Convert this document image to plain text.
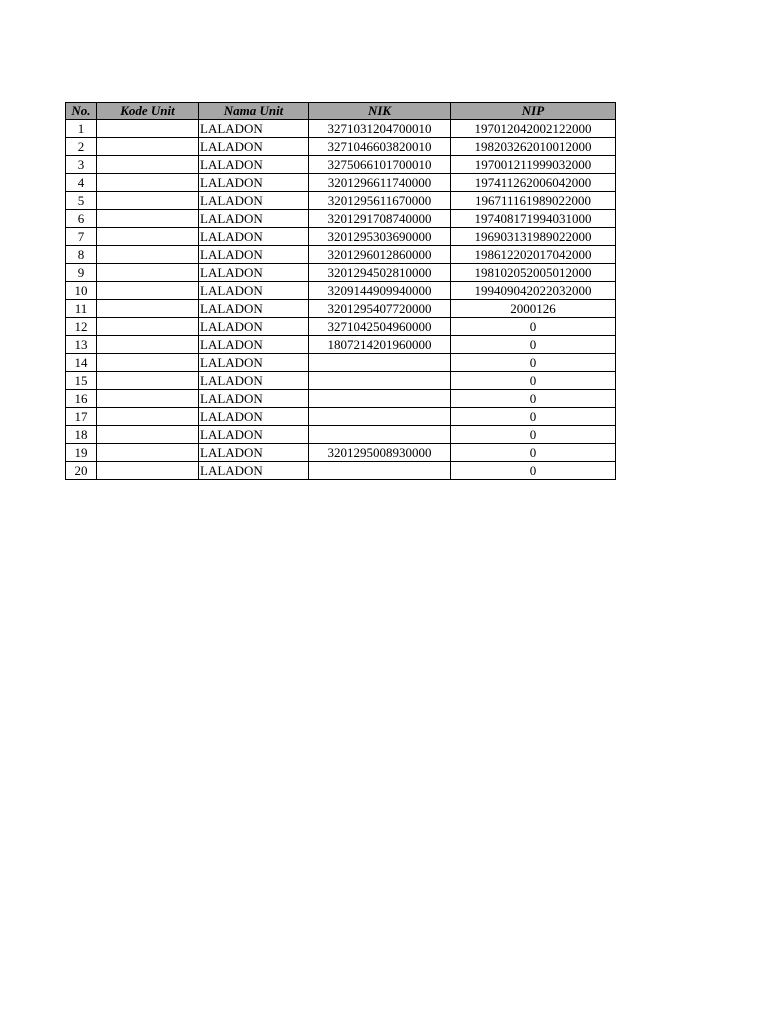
No.	Kode Unit	Nama Unit	NIK	NIP
1		LALADON	3271031204700010	197012042002122000
2		LALADON	3271046603820010	198203262010012000
3		LALADON	3275066101700010	197001211999032000
4		LALADON	3201296611740000	197411262006042000
5		LALADON	3201295611670000	196711161989022000
6		LALADON	3201291708740000	197408171994031000
7		LALADON	3201295303690000	196903131989022000
8		LALADON	3201296012860000	198612202017042000
9		LALADON	3201294502810000	198102052005012000
10		LALADON	3209144909940000	199409042022032000
11		LALADON	3201295407720000	2000126
12		LALADON	3271042504960000	0
13		LALADON	1807214201960000	0
14		LALADON		0
15		LALADON		0
16		LALADON		0
17		LALADON		0
18		LALADON		0
19		LALADON	3201295008930000	0
20		LALADON		0
